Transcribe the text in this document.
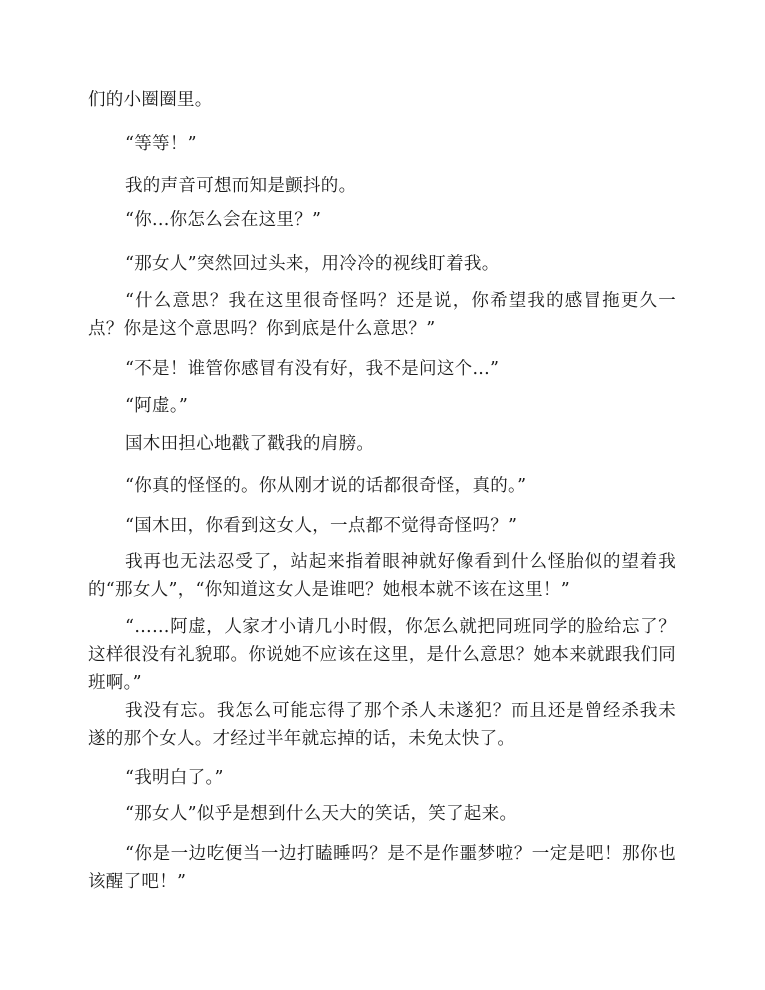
们的小圈圈里。

“等等！”

我的声音可想而知是颤抖的。

“你...你怎么会在这里？”

“那女人”突然回过头来，用冷冷的视线盯着我。

“什么意思？我在这里很奇怪吗？还是说，你希望我的感冒拖更久一点？你是这个意思吗？你到底是什么意思？”

“不是！谁管你感冒有没有好，我不是问这个...”

“阿虚。”

国木田担心地戳了戳我的肩膀。

“你真的怪怪的。你从刚才说的话都很奇怪，真的。”

“国木田，你看到这女人，一点都不觉得奇怪吗？”

我再也无法忍受了，站起来指着眼神就好像看到什么怪胎似的望着我的“那女人”，“你知道这女人是谁吧？她根本就不该在这里！”

“……阿虚，人家才小请几小时假，你怎么就把同班同学的脸给忘了？这样很没有礼貌耶。你说她不应该在这里，是什么意思？她本来就跟我们同班啊。”

我没有忘。我怎么可能忘得了那个杀人未遂犯？而且还是曾经杀我未遂的那个女人。才经过半年就忘掉的话，未免太快了。

“我明白了。”

“那女人”似乎是想到什么天大的笑话，笑了起来。

“你是一边吃便当一边打瞌睡吗？是不是作噩梦啦？一定是吧！那你也该醒了吧！”
